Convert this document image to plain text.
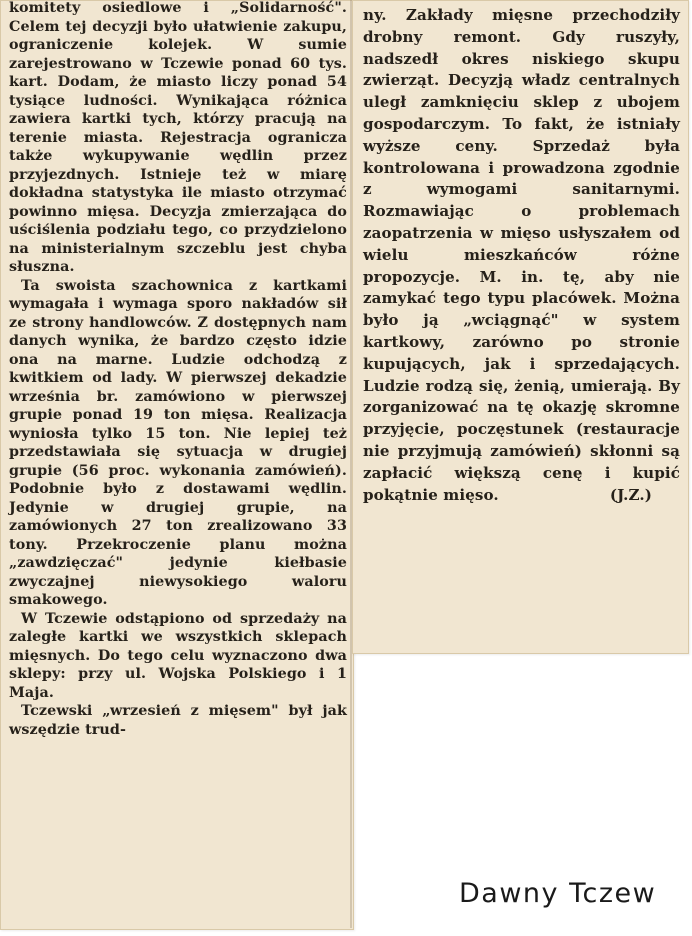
komitety osiedlowe i „Solidarność". Celem tej decyzji było ułatwienie zakupu, ograniczenie kolejek. W sumie zarejestrowano w Tczewie ponad 60 tys. kart. Dodam, że miasto liczy ponad 54 tysiące ludności. Wynikająca różnica zawiera kartki tych, którzy pracują na terenie miasta. Rejestracja ogranicza także wykupywanie wędlin przez przyjezdnych. Istnieje też w miarę dokładna statystyka ile miasto otrzymać powinno mięsa. Decyzja zmierzająca do uściślenia podziału tego, co przydzielono na ministerialnym szczeblu jest chyba słuszna.

Ta swoista szachownica z kartkami wymagała i wymaga sporo nakładów sił ze strony handlowców. Z dostępnych nam danych wynika, że bardzo często idzie ona na marne. Ludzie odchodzą z kwitkiem od lady. W pierwszej dekadzie września br. zamówiono w pierwszej grupie ponad 19 ton mięsa. Realizacja wyniosła tylko 15 ton. Nie lepiej też przedstawiała się sytuacja w drugiej grupie (56 proc. wykonania zamówień). Podobnie było z dostawami wędlin. Jedynie w drugiej grupie, na zamówionych 27 ton zrealizowano 33 tony. Przekroczenie planu można „zawdzięczać" jedynie kiełbasie zwyczajnej niewysokiego waloru smakowego.

W Tczewie odstąpiono od sprzedaży na zaległe kartki we wszystkich sklepach mięsnych. Do tego celu wyznaczono dwa sklepy: przy ul. Wojska Polskiego i 1 Maja.

Tczewski „wrzesień z mięsem" był jak wszędzie trud-

ny. Zakłady mięsne przechodziły drobny remont. Gdy ruszyły, nadszedł okres niskiego skupu zwierząt. Decyzją władz centralnych uległ zamknięciu sklep z ubojem gospodarczym. To fakt, że istniały wyższe ceny. Sprzedaż była kontrolowana i prowadzona zgodnie z wymogami sanitarnymi. Rozmawiając o problemach zaopatrzenia w mięso usłyszałem od wielu mieszkańców różne propozycje. M. in. tę, aby nie zamykać tego typu placówek. Można było ją „wciągnąć" w system kartkowy, zarówno po stronie kupujących, jak i sprzedających. Ludzie rodzą się, żenią, umierają. By zorganizować na tę okazję skromne przyjęcie, poczęstunek (restauracje nie przyjmują zamówień) skłonni są zapłacić większą cenę i kupić pokątnie mięso.	(J.Z.)

Dawny Tczew
